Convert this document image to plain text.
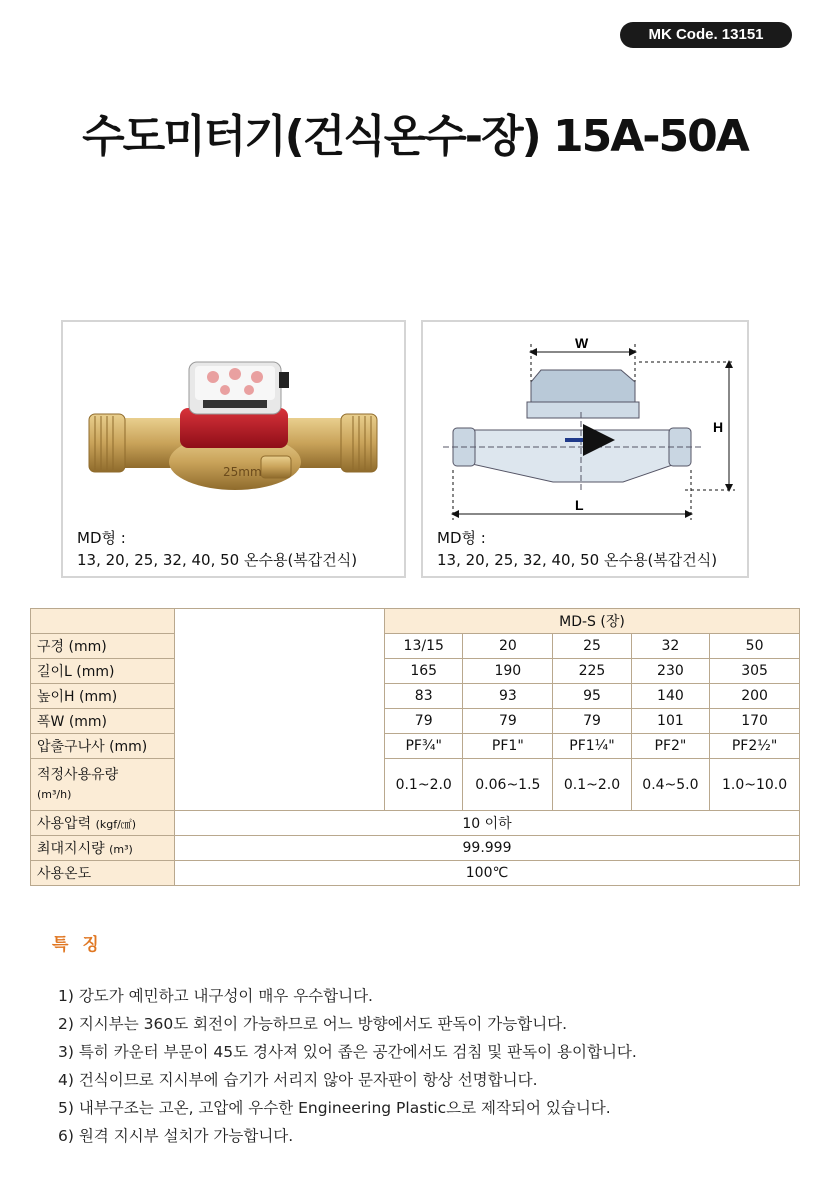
MK Code. 13151
수도미터기(건식온수-장) 15A-50A
25mm
MD형 :
13, 20, 25, 32, 40, 50 온수용(복갑건식)
W
H
L
MD형 :
13, 20, 25, 32, 40, 50 온수용(복갑건식)
		MD-S (장)				
구경 (mm)		13/15	20	25	32	50
길이L (mm)		165	190	225	230	305
높이H (mm)		83	93	95	140	200
폭W (mm)		79	79	79	101	170
압출구나사 (mm)		PF¾"	PF1"	PF1¼"	PF2"	PF2½"

적정사용유량
(m³/h)		0.1~2.0	0.06~1.5	0.1~2.0	0.4~5.0	1.0~10.0
사용압력 (kgf/㎠)	10 이하					
최대지시량 (m³)	99.999					
사용온도	100℃					
특 징
1) 강도가 예민하고 내구성이 매우 우수합니다.
2) 지시부는 360도 회전이 가능하므로 어느 방향에서도 판독이 가능합니다.
3) 특히 카운터 부문이 45도 경사져 있어 좁은 공간에서도 검침 및 판독이 용이합니다.
4) 건식이므로 지시부에 습기가 서리지 않아 문자판이 항상 선명합니다.
5) 내부구조는 고온, 고압에 우수한 Engineering Plastic으로 제작되어 있습니다.
6) 원격 지시부 설치가 가능합니다.
